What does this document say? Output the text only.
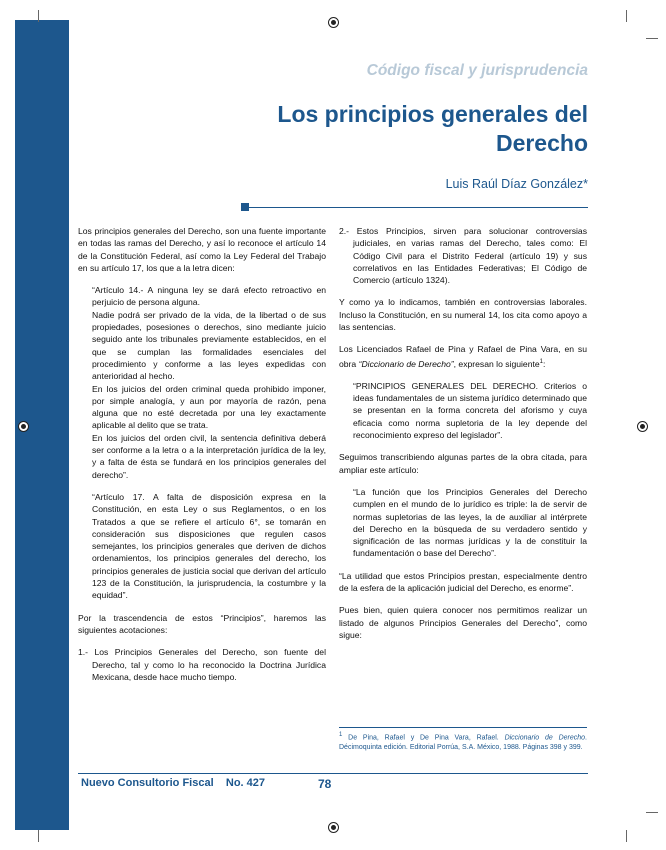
Código fiscal y jurisprudencia
Los principios generales del Derecho
Luis Raúl Díaz González*

Los principios generales del Derecho, son una fuente importante en todas las ramas del Derecho, y así lo reconoce el artículo 14 de la Constitución Federal, así como la Ley Federal del Trabajo en su artículo 17, los que a la letra dicen:

“Artículo 14.- A ninguna ley se dará efecto retroactivo en perjuicio de persona alguna.

Nadie podrá ser privado de la vida, de la libertad o de sus propiedades, posesiones o derechos, sino mediante juicio seguido ante los tribunales previamente establecidos, en el que se cumplan las formalidades esenciales del procedimiento y conforme a las leyes expedidas con anterioridad al hecho.

En los juicios del orden criminal queda prohibido imponer, por simple analogía, y aun por mayoría de razón, pena alguna que no esté decretada por una ley exactamente aplicable al delito que se trata.

En los juicios del orden civil, la sentencia definitiva deberá ser conforme a la letra o a la interpretación jurídica de la ley, y a falta de ésta se fundará en los principios generales del derecho”.

“Artículo 17. A falta de disposición expresa en la Constitución, en esta Ley o sus Reglamentos, o en los Tratados a que se refiere el artículo 6°, se tomarán en consideración sus disposiciones que regulen casos semejantes, los principios generales que deriven de dichos ordenamientos, los principios generales del derecho, los principios generales de justicia social que derivan del artículo 123 de la Constitución, la jurisprudencia, la costumbre y la equidad”.

Por la trascendencia de estos “Principios”, haremos las siguientes acotaciones:

1.- Los Principios Generales del Derecho, son fuente del Derecho, tal y como lo ha reconocido la Doctrina Jurídica Mexicana, desde hace mucho tiempo.

2.- Estos Principios, sirven para solucionar controversias judiciales, en varias ramas del Derecho, tales como: El Código Civil para el Distrito Federal (artículo 19) y sus correlativos en las Entidades Federativas; El Código de Comercio (artículo 1324).

Y como ya lo indicamos, también en controversias laborales. Incluso la Constitución, en su numeral 14, los cita como apoyo a las sentencias.

Los Licenciados Rafael de Pina y Rafael de Pina Vara, en su obra “Diccionario de Derecho”, expresan lo siguiente$^1$:

“PRINCIPIOS GENERALES DEL DERECHO. Criterios o ideas fundamentales de un sistema jurídico determinado que se presentan en la forma concreta del aforismo y cuya eficacia como norma supletoria de la ley depende del reconocimiento expreso del legislador”.

Seguimos transcribiendo algunas partes de la obra citada, para ampliar este artículo:

“La función que los Principios Generales del Derecho cumplen en el mundo de lo jurídico es triple: la de servir de normas supletorias de las leyes, la de auxiliar al intérprete del Derecho en la búsqueda de su verdadero sentido y significación de las normas jurídicas y la de constituir la fundamentación o base del Derecho”.

“La utilidad que estos Principios prestan, especialmente dentro de la esfera de la aplicación judicial del Derecho, es enorme”.

Pues bien, quien quiera conocer nos permitimos realizar un listado de algunos Principios Generales del Derecho”, como sigue:

$^1$ De Pina, Rafael y De Pina Vara, Rafael. Diccionario de Derecho. Décimoquinta edición. Editorial Porrúa, S.A. México, 1988. Páginas 398 y 399.
Nuevo Consultorio Fiscal No. 427	78
